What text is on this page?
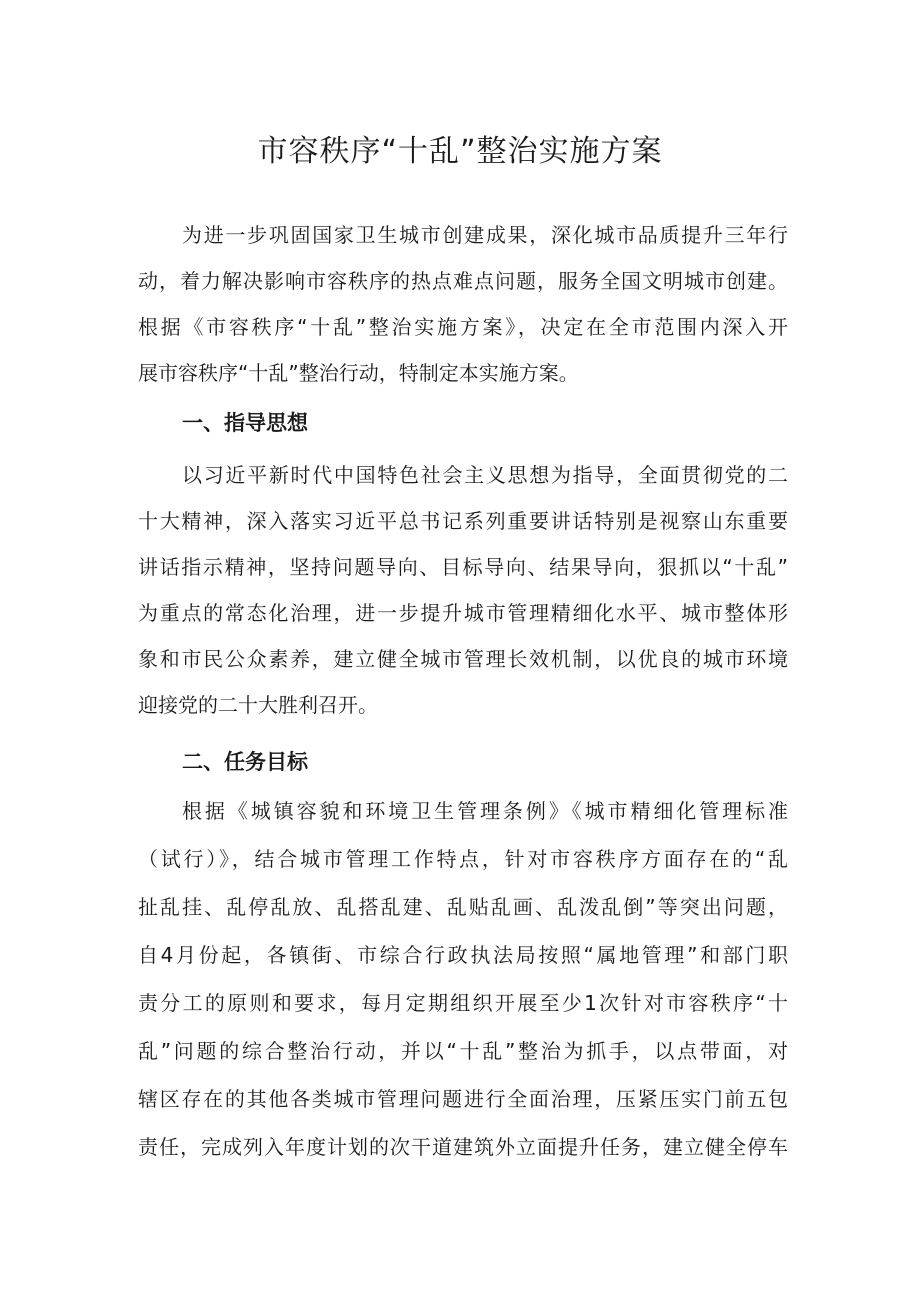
市容秩序“十乱”整治实施方案
为进一步巩固国家卫生城市创建成果，深化城市品质提升三年行
动，着力解决影响市容秩序的热点难点问题，服务全国文明城市创建。
根据《市容秩序“十乱”整治实施方案》，决定在全市范围内深入开
展市容秩序“十乱”整治行动，特制定本实施方案。
一、指导思想
以习近平新时代中国特色社会主义思想为指导，全面贯彻党的二
十大精神，深入落实习近平总书记系列重要讲话特别是视察山东重要
讲话指示精神，坚持问题导向、目标导向、结果导向，狠抓以“十乱”
为重点的常态化治理，进一步提升城市管理精细化水平、城市整体形
象和市民公众素养，建立健全城市管理长效机制，以优良的城市环境
迎接党的二十大胜利召开。
二、任务目标
根据《城镇容貌和环境卫生管理条例》《城市精细化管理标准
（试行）》，结合城市管理工作特点，针对市容秩序方面存在的“乱
扯乱挂、乱停乱放、乱搭乱建、乱贴乱画、乱泼乱倒”等突出问题，
自4月份起，各镇街、市综合行政执法局按照“属地管理”和部门职
责分工的原则和要求，每月定期组织开展至少1次针对市容秩序“十
乱”问题的综合整治行动，并以“十乱”整治为抓手，以点带面，对
辖区存在的其他各类城市管理问题进行全面治理，压紧压实门前五包
责任，完成列入年度计划的次干道建筑外立面提升任务，建立健全停车
